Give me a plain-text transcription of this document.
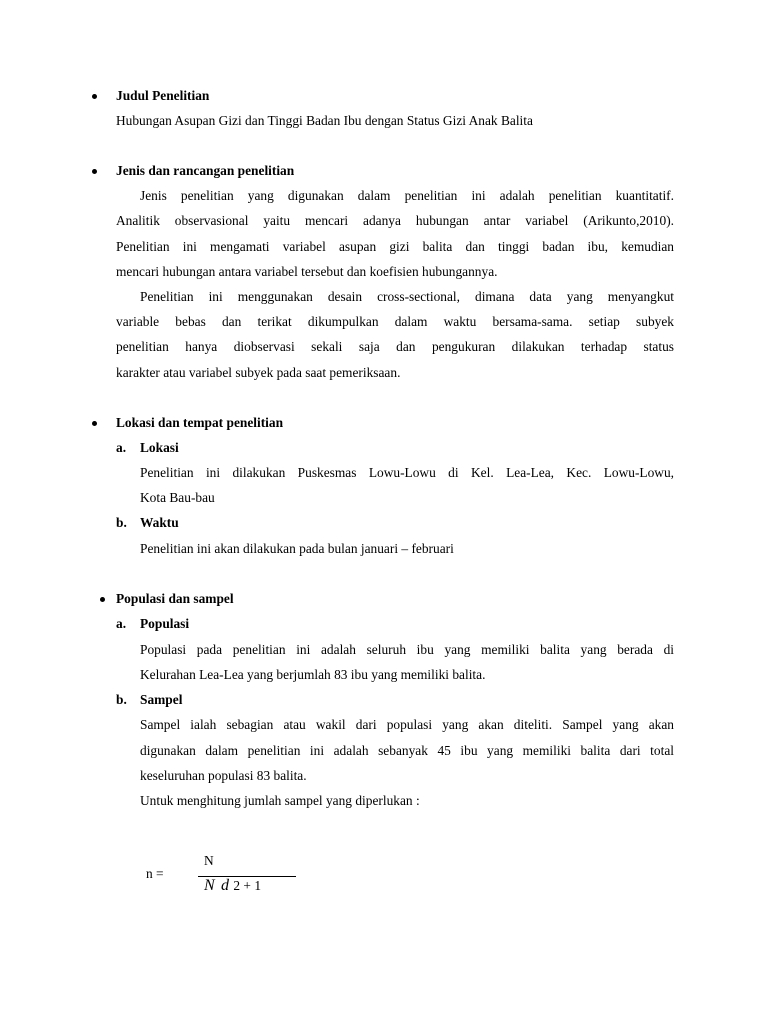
Judul Penelitian
Hubungan Asupan Gizi dan Tinggi Badan Ibu dengan Status Gizi Anak Balita
Jenis dan rancangan penelitian
Jenis penelitian yang digunakan dalam penelitian ini adalah penelitian kuantitatif.
Analitik observasional yaitu mencari adanya hubungan antar variabel (Arikunto,2010).
Penelitian ini mengamati variabel asupan gizi balita dan tinggi badan ibu, kemudian
mencari hubungan antara variabel tersebut dan koefisien hubungannya.
Penelitian ini menggunakan desain cross-sectional, dimana data yang menyangkut
variable bebas dan terikat dikumpulkan dalam waktu bersama-sama. setiap subyek
penelitian hanya diobservasi sekali saja dan pengukuran dilakukan terhadap status
karakter atau variabel subyek pada saat pemeriksaan.
Lokasi dan tempat penelitian
a. Lokasi
Penelitian ini dilakukan Puskesmas Lowu-Lowu di Kel. Lea-Lea, Kec. Lowu-Lowu,
Kota Bau-bau
b. Waktu
Penelitian ini akan dilakukan pada bulan januari – februari
Populasi dan sampel
a. Populasi
Populasi pada penelitian ini adalah seluruh ibu yang memiliki balita yang berada di
Kelurahan Lea-Lea yang berjumlah 83 ibu yang memiliki balita.
b. Sampel
Sampel ialah sebagian atau wakil dari populasi yang akan diteliti. Sampel yang akan
digunakan dalam penelitian ini adalah sebanyak 45 ibu yang memiliki balita dari total
keseluruhan populasi 83 balita.
Untuk menghitung jumlah sampel yang diperlukan :
n =
N
N d 2 + 1
